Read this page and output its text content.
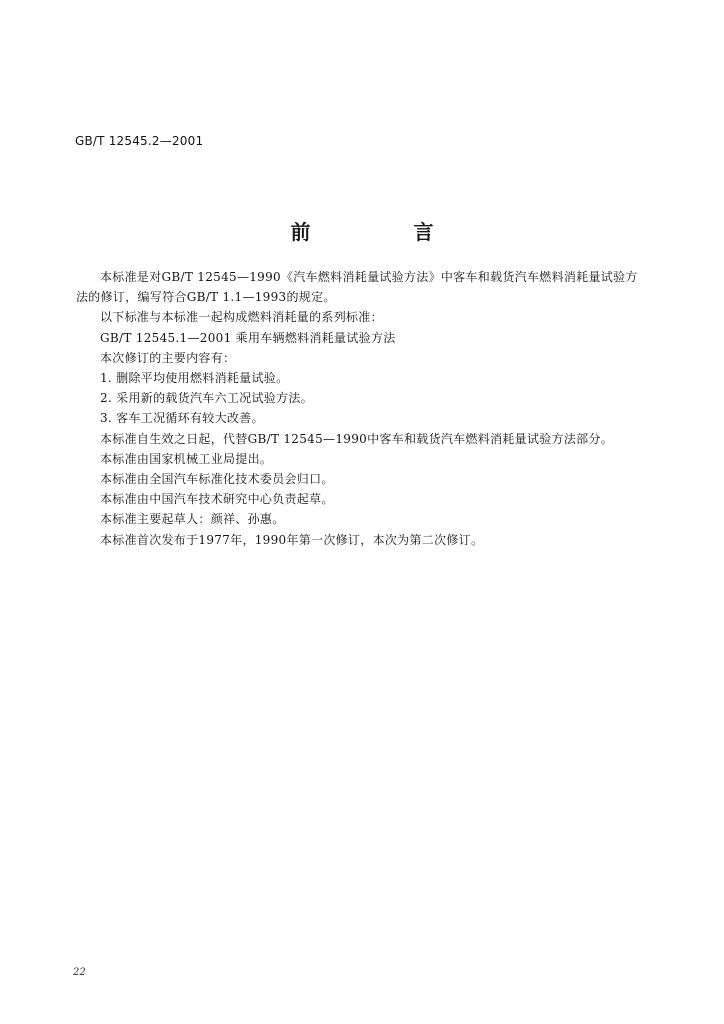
GB/T 12545.2—2001
前 言

本标准是对GB/T 12545—1990《汽车燃料消耗量试验方法》中客车和载货汽车燃料消耗量试验方法的修订，编写符合GB/T 1.1—1993的规定。

以下标准与本标准一起构成燃料消耗量的系列标准：

GB/T 12545.1—2001 乘用车辆燃料消耗量试验方法

本次修订的主要内容有：

1. 删除平均使用燃料消耗量试验。

2. 采用新的载货汽车六工况试验方法。

3. 客车工况循环有较大改善。

本标准自生效之日起，代替GB/T 12545—1990中客车和载货汽车燃料消耗量试验方法部分。

本标准由国家机械工业局提出。

本标准由全国汽车标准化技术委员会归口。

本标准由中国汽车技术研究中心负责起草。

本标准主要起草人：颜祥、孙惠。

本标准首次发布于1977年，1990年第一次修订，本次为第二次修订。

22
